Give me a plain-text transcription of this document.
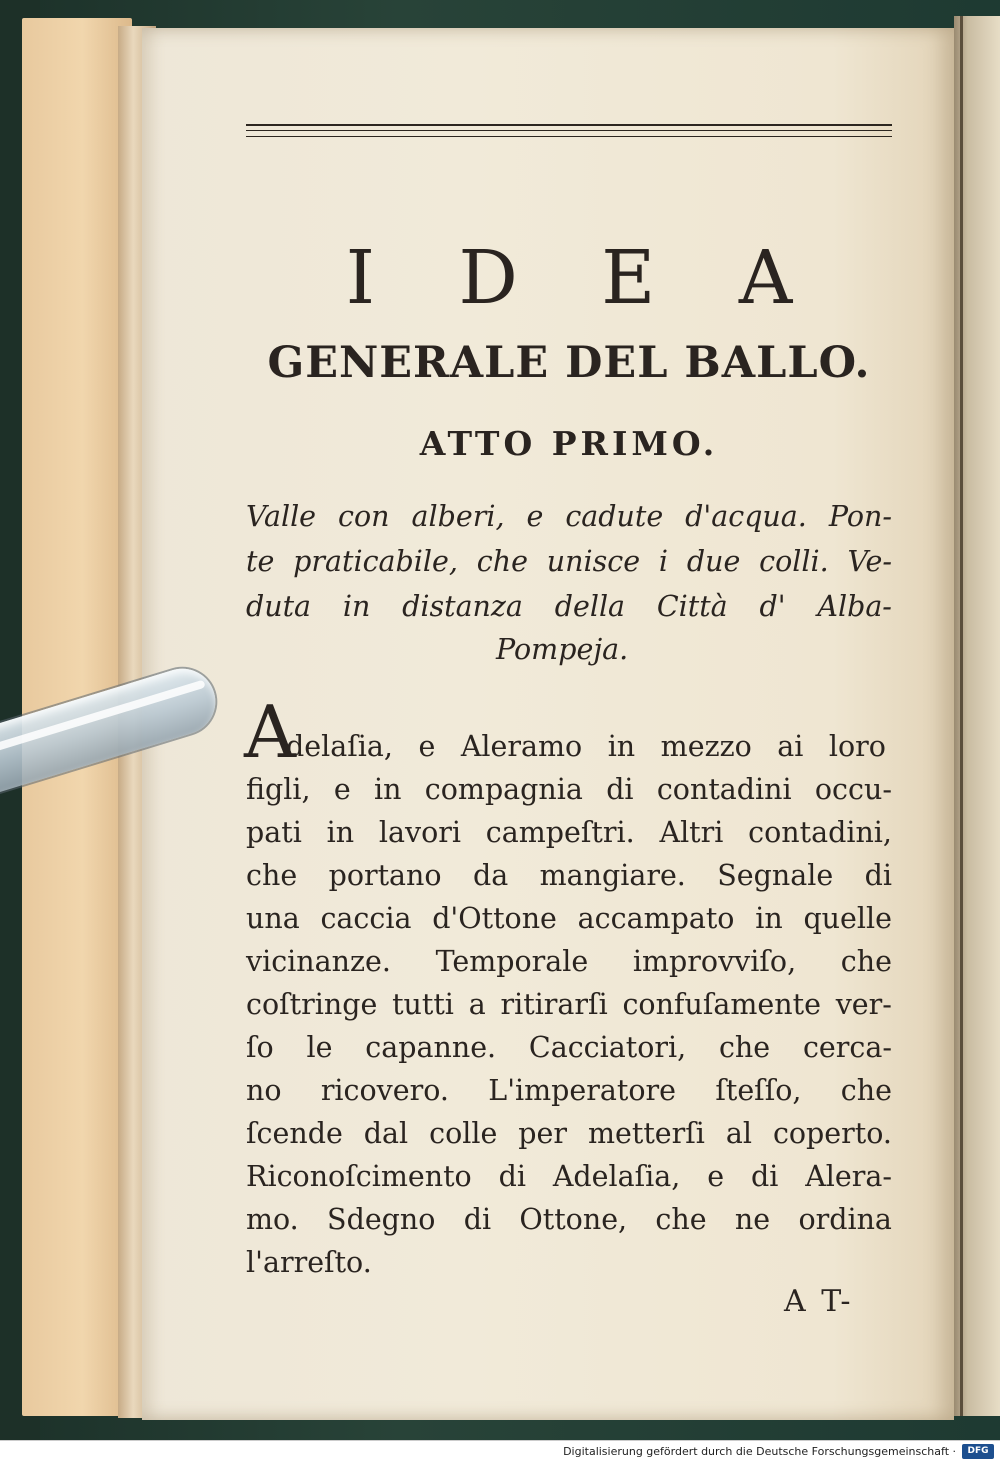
I D E A
GENERALE DEL BALLO.
ATTO PRIMO.
Valle con alberi, e cadute d'acqua. Pon-
te praticabile, che unisce i due colli. Ve-
duta in distanza della Città d' Alba-
Pompeja.
A
delaſia, e Aleramo in mezzo ai loro
figli, e in compagnia di contadini occu-
pati in lavori campeſtri. Altri contadini,
che portano da mangiare. Segnale di
una caccia d'Ottone accampato in quelle
vicinanze. Temporale improvviſo, che
coſtringe tutti a ritirarſi confuſamente ver-
ſo le capanne. Cacciatori, che cerca-
no ricovero. L'imperatore ſteſſo, che
ſcende dal colle per metterſi al coperto.
Riconoſcimento di Adelaſia, e di Alera-
mo. Sdegno di Ottone, che ne ordina
l'arreſto.
A T-
Digitalisierung gefördert durch die Deutsche Forschungsgemeinschaft ·	DFG
